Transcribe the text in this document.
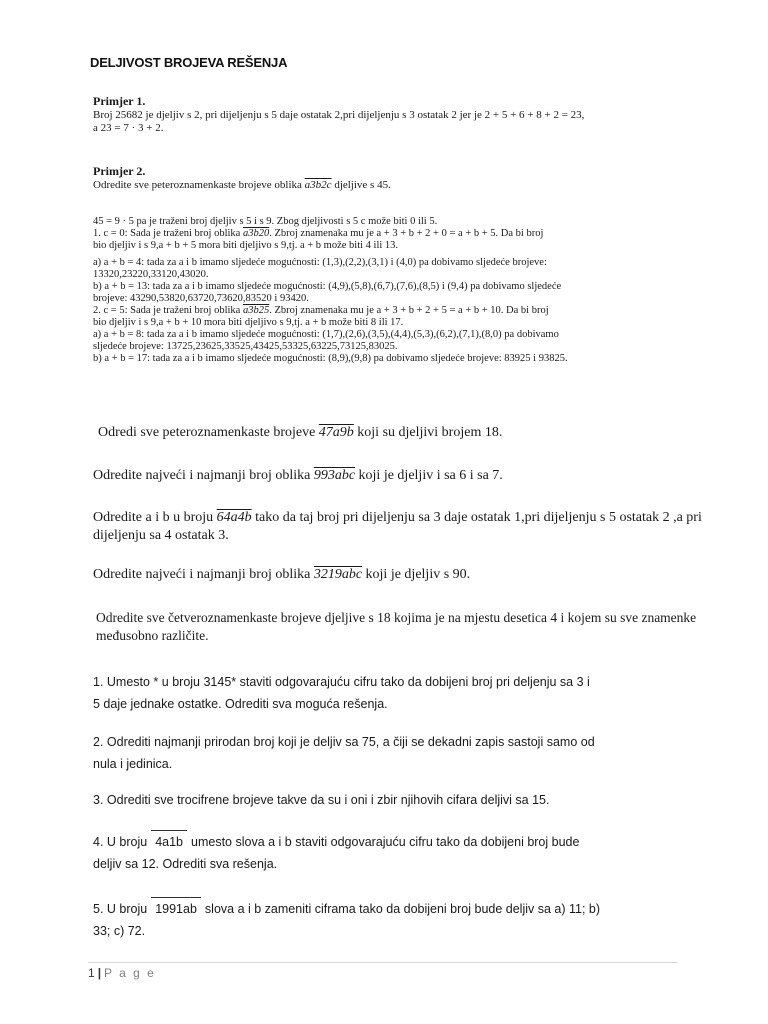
DELJIVOST BROJEVA REŠENJA
Primjer 1.

Broj 25682 je djeljiv s 2, pri dijeljenju s 5 daje ostatak 2,pri dijeljenju s 3 ostatak 2 jer je 2 + 5 + 6 + 8 + 2 = 23,

a 23 = 7 · 3 + 2.

Primjer 2.

Odredite sve peteroznamenkaste brojeve oblika a3b2c djeljive s 45.

45 = 9 · 5 pa je traženi broj djeljiv s 5 i s 9. Zbog djeljivosti s 5 c može biti 0 ili 5.

1. c = 0: Sada je traženi broj oblika a3b20. Zbroj znamenaka mu je a + 3 + b + 2 + 0 = a + b + 5. Da bi broj

bio djeljiv i s 9,a + b + 5 mora biti djeljivo s 9,tj. a + b može biti 4 ili 13.

a) a + b = 4: tada za a i b imamo sljedeće mogućnosti: (1,3),(2,2),(3,1) i (4,0) pa dobivamo sljedeće brojeve:

13320,23220,33120,43020.

b) a + b = 13: tada za a i b imamo sljedeće mogućnosti: (4,9),(5,8),(6,7),(7,6),(8,5) i (9,4) pa dobivamo sljedeće

brojeve: 43290,53820,63720,73620,83520 i 93420.

2. c = 5: Sada je traženi broj oblika a3b25. Zbroj znamenaka mu je a + 3 + b + 2 + 5 = a + b + 10. Da bi broj

bio djeljiv i s 9,a + b + 10 mora biti djeljivo s 9,tj. a + b može biti 8 ili 17.

a) a + b = 8: tada za a i b imamo sljedeće mogućnosti: (1,7),(2,6),(3,5),(4,4),(5,3),(6,2),(7,1),(8,0) pa dobivamo

sljedeće brojeve: 13725,23625,33525,43425,53325,63225,73125,83025.

b) a + b = 17: tada za a i b imamo sljedeće mogućnosti: (8,9),(9,8) pa dobivamo sljedeće brojeve: 83925 i 93825.

Odredi sve peteroznamenkaste brojeve 47a9b koji su djeljivi brojem 18.

Odredite najveći i najmanji broj oblika 993abc koji je djeljiv i sa 6 i sa 7.

Odredite a i b u broju 64a4b tako da taj broj pri dijeljenju sa 3 daje ostatak 1,pri dijeljenju s 5 ostatak 2 ,a pri

dijeljenju sa 4 ostatak 3.

Odredite najveći i najmanji broj oblika 3219abc koji je djeljiv s 90.

Odredite sve četveroznamenkaste brojeve djeljive s 18 kojima je na mjestu desetica 4 i kojem su sve znamenke

međusobno različite.

1. Umesto * u broju 3145* staviti odgovarajuću cifru tako da dobijeni broj pri deljenju sa 3 i

5 daje jednake ostatke. Odrediti sva moguća rešenja.

2. Odrediti najmanji prirodan broj koji je deljiv sa 75, a čiji se dekadni zapis sastoji samo od

nula i jedinica.

3. Odrediti sve trocifrene brojeve takve da su i oni i zbir njihovih cifara deljivi sa 15.

4. U broju 4a1b umesto slova a i b staviti odgovarajuću cifru tako da dobijeni broj bude

deljiv sa 12. Odrediti sva rešenja.

5. U broju 1991ab slova a i b zameniti ciframa tako da dobijeni broj bude deljiv sa a) 11; b)

33; c) 72.

1 | P a g e
